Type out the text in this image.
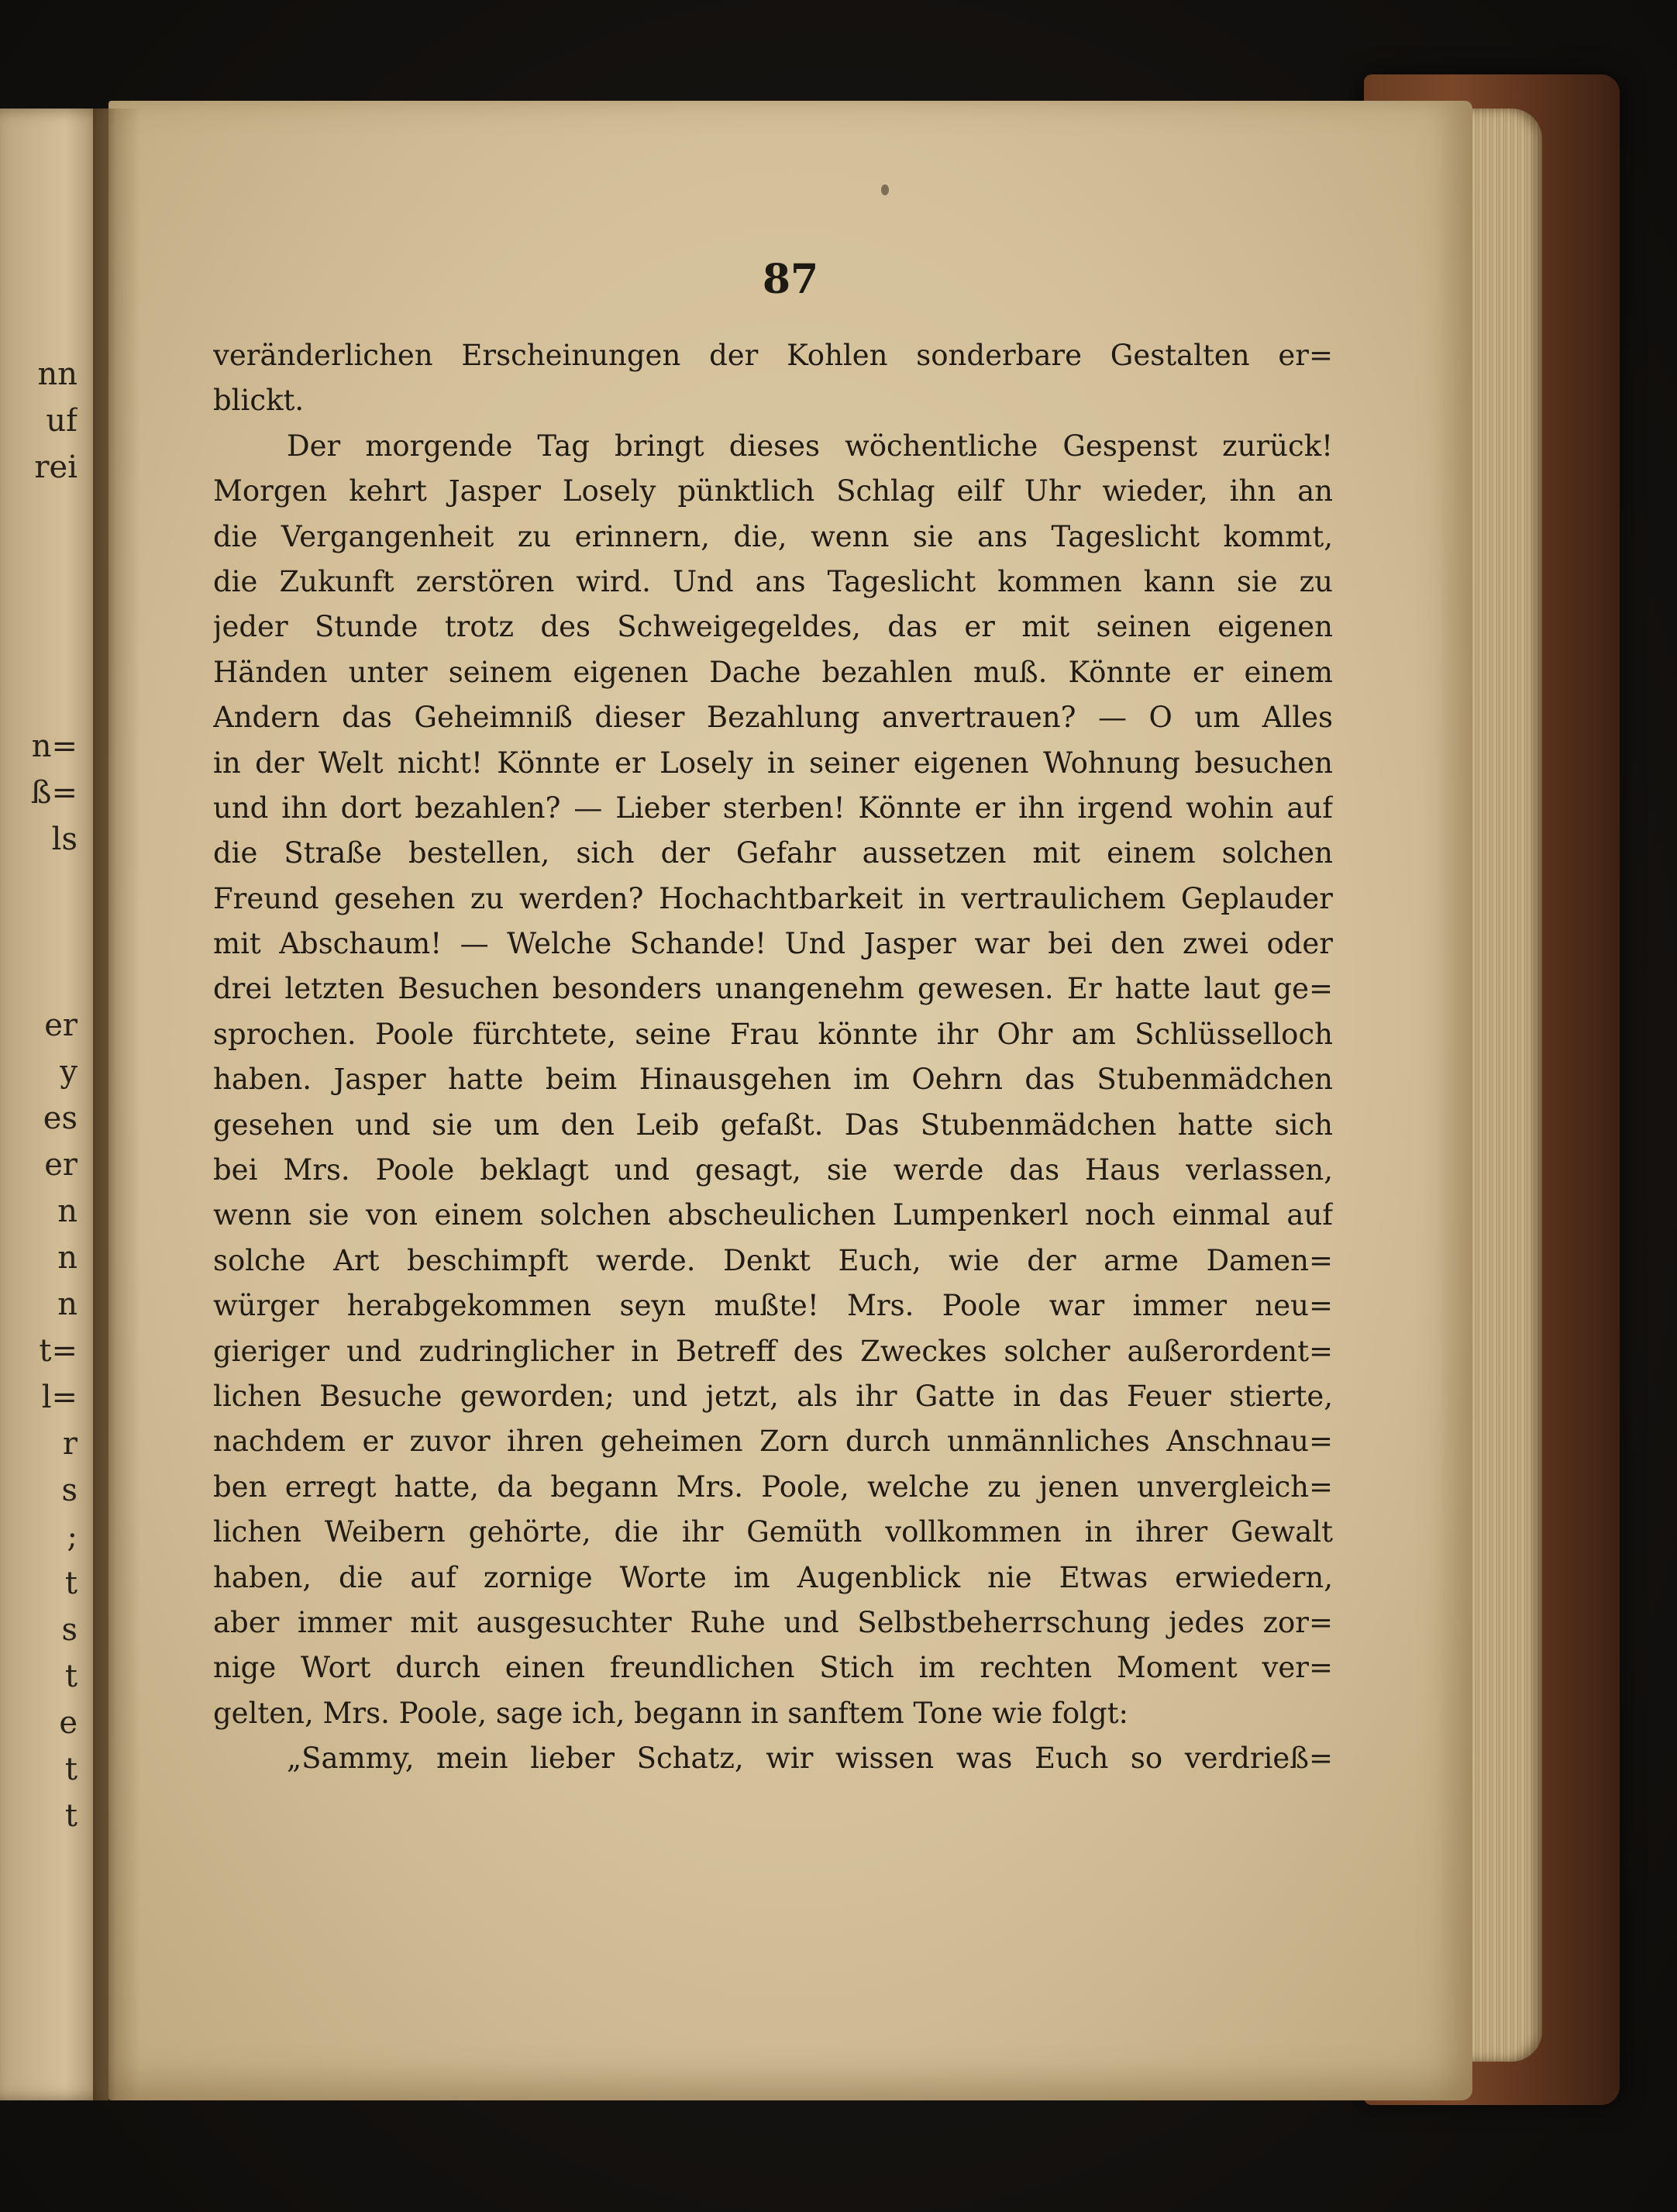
nn
uf
rei
n=
ß=
ls
er
y
es
er
n
n
n
t=
l=
r
s
;
t
s
t
e
t
t
87
veränderlichen Erscheinungen der Kohlen sonderbare Gestalten er=
blickt.
Der morgende Tag bringt dieses wöchentliche Gespenst zurück!
Morgen kehrt Jasper Losely pünktlich Schlag eilf Uhr wieder, ihn an
die Vergangenheit zu erinnern, die, wenn sie ans Tageslicht kommt,
die Zukunft zerstören wird. Und ans Tageslicht kommen kann sie zu
jeder Stunde trotz des Schweigegeldes, das er mit seinen eigenen
Händen unter seinem eigenen Dache bezahlen muß. Könnte er einem
Andern das Geheimniß dieser Bezahlung anvertrauen? — O um Alles
in der Welt nicht! Könnte er Losely in seiner eigenen Wohnung besuchen
und ihn dort bezahlen? — Lieber sterben! Könnte er ihn irgend wohin auf
die Straße bestellen, sich der Gefahr aussetzen mit einem solchen
Freund gesehen zu werden? Hochachtbarkeit in vertraulichem Geplauder
mit Abschaum! — Welche Schande! Und Jasper war bei den zwei oder
drei letzten Besuchen besonders unangenehm gewesen. Er hatte laut ge=
sprochen. Poole fürchtete, seine Frau könnte ihr Ohr am Schlüsselloch
haben. Jasper hatte beim Hinausgehen im Oehrn das Stubenmädchen
gesehen und sie um den Leib gefaßt. Das Stubenmädchen hatte sich
bei Mrs. Poole beklagt und gesagt, sie werde das Haus verlassen,
wenn sie von einem solchen abscheulichen Lumpenkerl noch einmal auf
solche Art beschimpft werde. Denkt Euch, wie der arme Damen=
würger herabgekommen seyn mußte! Mrs. Poole war immer neu=
gieriger und zudringlicher in Betreff des Zweckes solcher außerordent=
lichen Besuche geworden; und jetzt, als ihr Gatte in das Feuer stierte,
nachdem er zuvor ihren geheimen Zorn durch unmännliches Anschnau=
ben erregt hatte, da begann Mrs. Poole, welche zu jenen unvergleich=
lichen Weibern gehörte, die ihr Gemüth vollkommen in ihrer Gewalt
haben, die auf zornige Worte im Augenblick nie Etwas erwiedern,
aber immer mit ausgesuchter Ruhe und Selbstbeherrschung jedes zor=
nige Wort durch einen freundlichen Stich im rechten Moment ver=
gelten, Mrs. Poole, sage ich, begann in sanftem Tone wie folgt:
„Sammy, mein lieber Schatz, wir wissen was Euch so verdrieß=
